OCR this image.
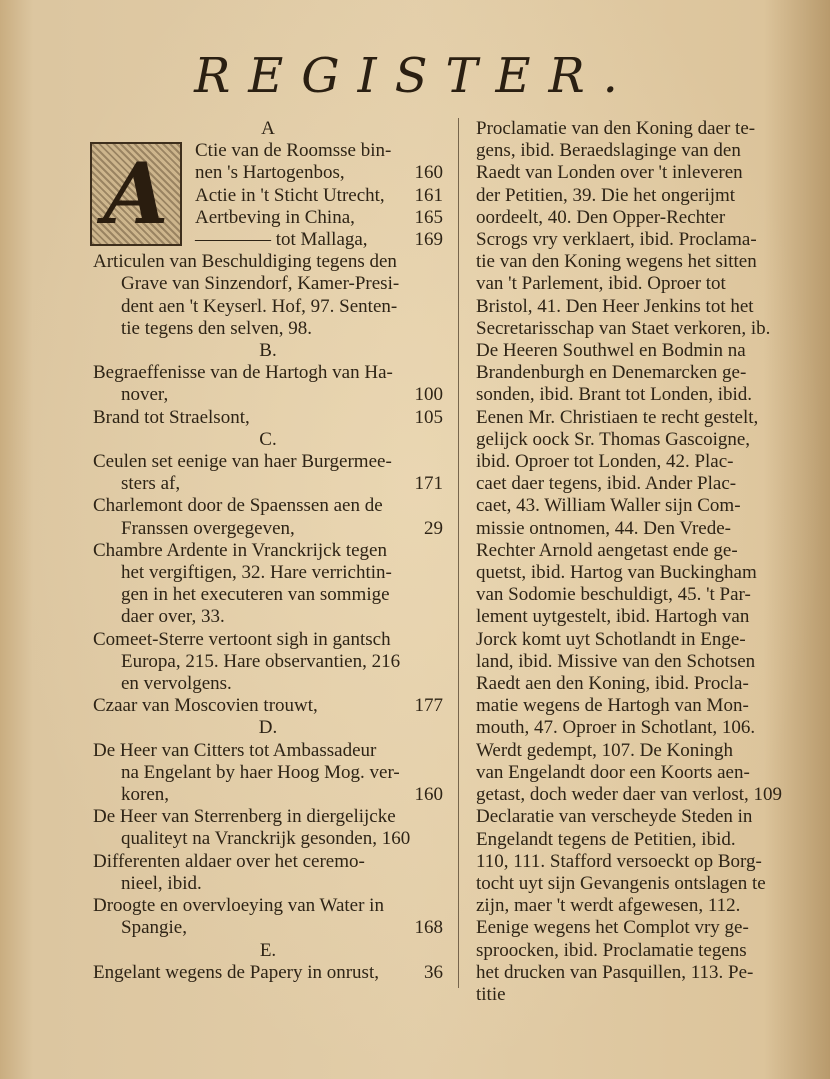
REGISTER.
A
A	Ctie van de Roomsse bin-
nen 's Hartogenbos,	160
Actie in 't Sticht Utrecht, 161
Aertbeving in China,	165
———— tot Mallaga, 169
Articulen van Beschuldiging tegens den
Grave van Sinzendorf, Kamer-Presi-
dent aen 't Keyserl. Hof, 97. Senten-
tie tegens den selven, 98.
B.
Begraeffenisse van de Hartogh van Ha-
nover,	100
Brand tot Straelsont,	105
C.
Ceulen set eenige van haer Burgermee-
sters af,	171
Charlemont door de Spaenssen aen de
Franssen overgegeven,	29
Chambre Ardente in Vranckrijck tegen
het vergiftigen, 32. Hare verrichtin-
gen in het executeren van sommige
daer over, 33.
Comeet-Sterre vertoont sigh in gantsch
Europa, 215. Hare observantien, 216
en vervolgens.
Czaar van Moscovien trouwt,	177
D.
De Heer van Citters tot Ambassadeur
na Engelant by haer Hoog Mog. ver-
koren,	160
De Heer van Sterrenberg in diergelijcke
qualiteyt na Vranckrijk gesonden, 160
Differenten aldaer over het ceremo-
nieel, ibid.
Droogte en overvloeying van Water in
Spangie,	168
E.
Engelant wegens de Papery in onrust, 36
Proclamatie van den Koning daer te-
gens, ibid. Beraedslaginge van den
Raedt van Londen over 't inleveren
der Petitien, 39. Die het ongerijmt
oordeelt, 40. Den Opper-Rechter
Scrogs vry verklaert, ibid. Proclama-
tie van den Koning wegens het sitten
van 't Parlement, ibid. Oproer tot
Bristol, 41. Den Heer Jenkins tot het
Secretarisschap van Staet verkoren, ib.
De Heeren Southwel en Bodmin na
Brandenburgh en Denemarcken ge-
sonden, ibid. Brant tot Londen, ibid.
Eenen Mr. Christiaen te recht gestelt,
gelijck oock Sr. Thomas Gascoigne,
ibid. Oproer tot Londen, 42. Plac-
caet daer tegens, ibid. Ander Plac-
caet, 43. William Waller sijn Com-
missie ontnomen, 44. Den Vrede-
Rechter Arnold aengetast ende ge-
quetst, ibid. Hartog van Buckingham
van Sodomie beschuldigt, 45. 't Par-
lement uytgestelt, ibid. Hartogh van
Jorck komt uyt Schotlandt in Enge-
land, ibid. Missive van den Schotsen
Raedt aen den Koning, ibid. Procla-
matie wegens de Hartogh van Mon-
mouth, 47. Oproer in Schotlant, 106.
Werdt gedempt, 107. De Koningh
van Engelandt door een Koorts aen-
getast, doch weder daer van verlost, 109
Declaratie van verscheyde Steden in
Engelandt tegens de Petitien, ibid.
110, 111. Stafford versoeckt op Borg-
tocht uyt sijn Gevangenis ontslagen te
zijn, maer 't werdt afgewesen, 112.
Eenige wegens het Complot vry ge-
sproocken, ibid. Proclamatie tegens
het drucken van Pasquillen, 113. Pe-
titie
